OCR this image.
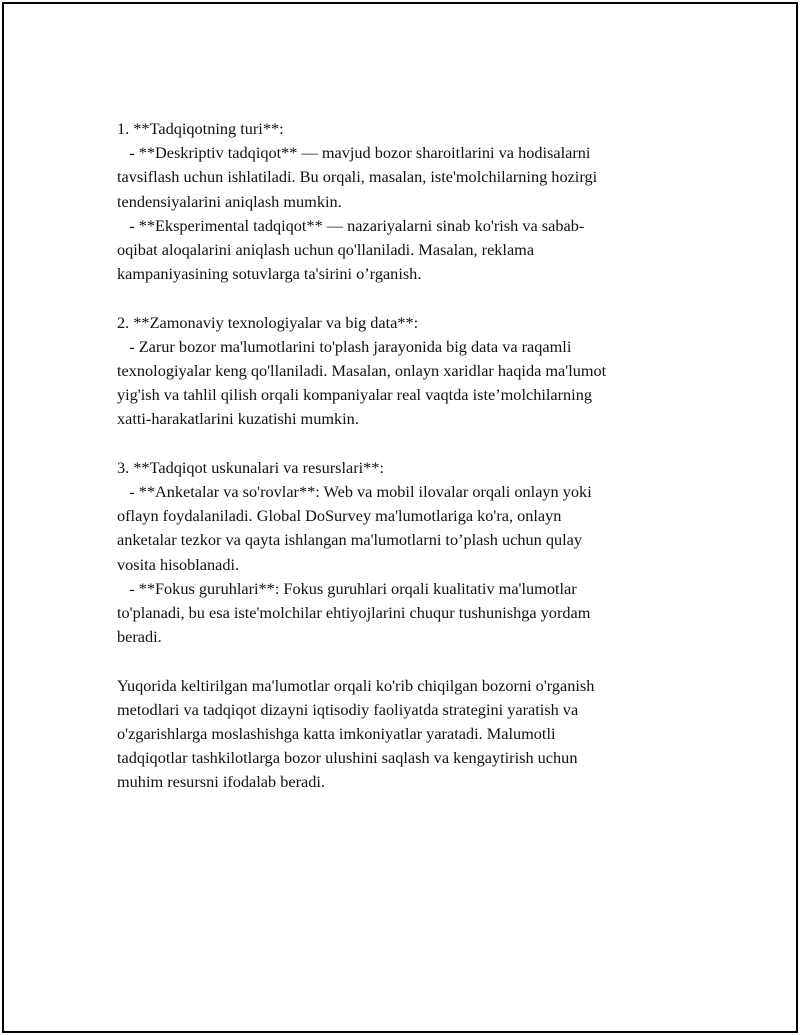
1. **Tadqiqotning turi**:
- **Deskriptiv tadqiqot** — mavjud bozor sharoitlarini va hodisalarni
tavsiflash uchun ishlatiladi. Bu orqali, masalan, iste'molchilarning hozirgi
tendensiyalarini aniqlash mumkin.
- **Eksperimental tadqiqot** — nazariyalarni sinab ko'rish va sabab-
oqibat aloqalarini aniqlash uchun qo'llaniladi. Masalan, reklama
kampaniyasining sotuvlarga ta'sirini o’rganish.
2. **Zamonaviy texnologiyalar va big data**:
- Zarur bozor ma'lumotlarini to'plash jarayonida big data va raqamli
texnologiyalar keng qo'llaniladi. Masalan, onlayn xaridlar haqida ma'lumot
yig'ish va tahlil qilish orqali kompaniyalar real vaqtda iste’molchilarning
xatti-harakatlarini kuzatishi mumkin.
3. **Tadqiqot uskunalari va resurslari**:
- **Anketalar va so'rovlar**: Web va mobil ilovalar orqali onlayn yoki
oflayn foydalaniladi. Global DoSurvey ma'lumotlariga ko'ra, onlayn
anketalar tezkor va qayta ishlangan ma'lumotlarni to’plash uchun qulay
vosita hisoblanadi.
- **Fokus guruhlari**: Fokus guruhlari orqali kualitativ ma'lumotlar
to'planadi, bu esa iste'molchilar ehtiyojlarini chuqur tushunishga yordam
beradi.
Yuqorida keltirilgan ma'lumotlar orqali ko'rib chiqilgan bozorni o'rganish
metodlari va tadqiqot dizayni iqtisodiy faoliyatda strategini yaratish va
o'zgarishlarga moslashishga katta imkoniyatlar yaratadi. Malumotli
tadqiqotlar tashkilotlarga bozor ulushini saqlash va kengaytirish uchun
muhim resursni ifodalab beradi.
